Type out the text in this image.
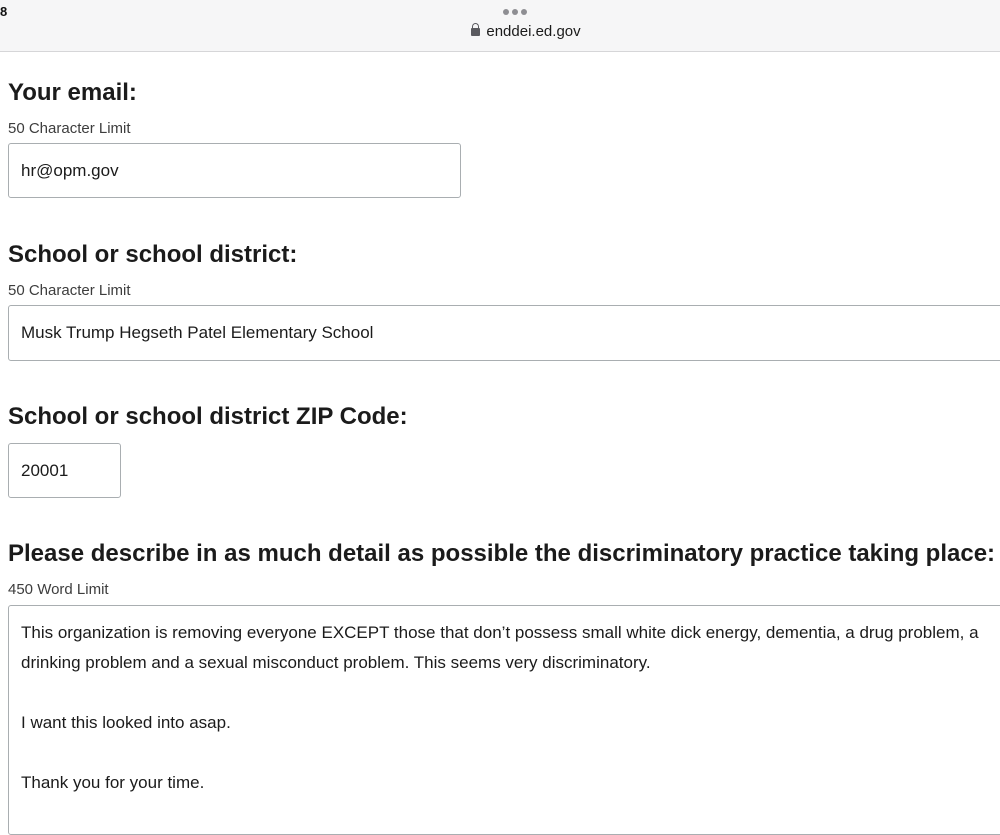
8
enddei.ed.gov
Your email:
50 Character Limit
hr@opm.gov
School or school district:
50 Character Limit
Musk Trump Hegseth Patel Elementary School
School or school district ZIP Code:
20001
Please describe in as much detail as possible the discriminatory practice taking place:
450 Word Limit

This organization is removing everyone EXCEPT those that don’t possess small white dick energy, dementia, a drug problem, a drinking problem and a sexual misconduct problem. This seems very discriminatory.

I want this looked into asap.

Thank you for your time.
